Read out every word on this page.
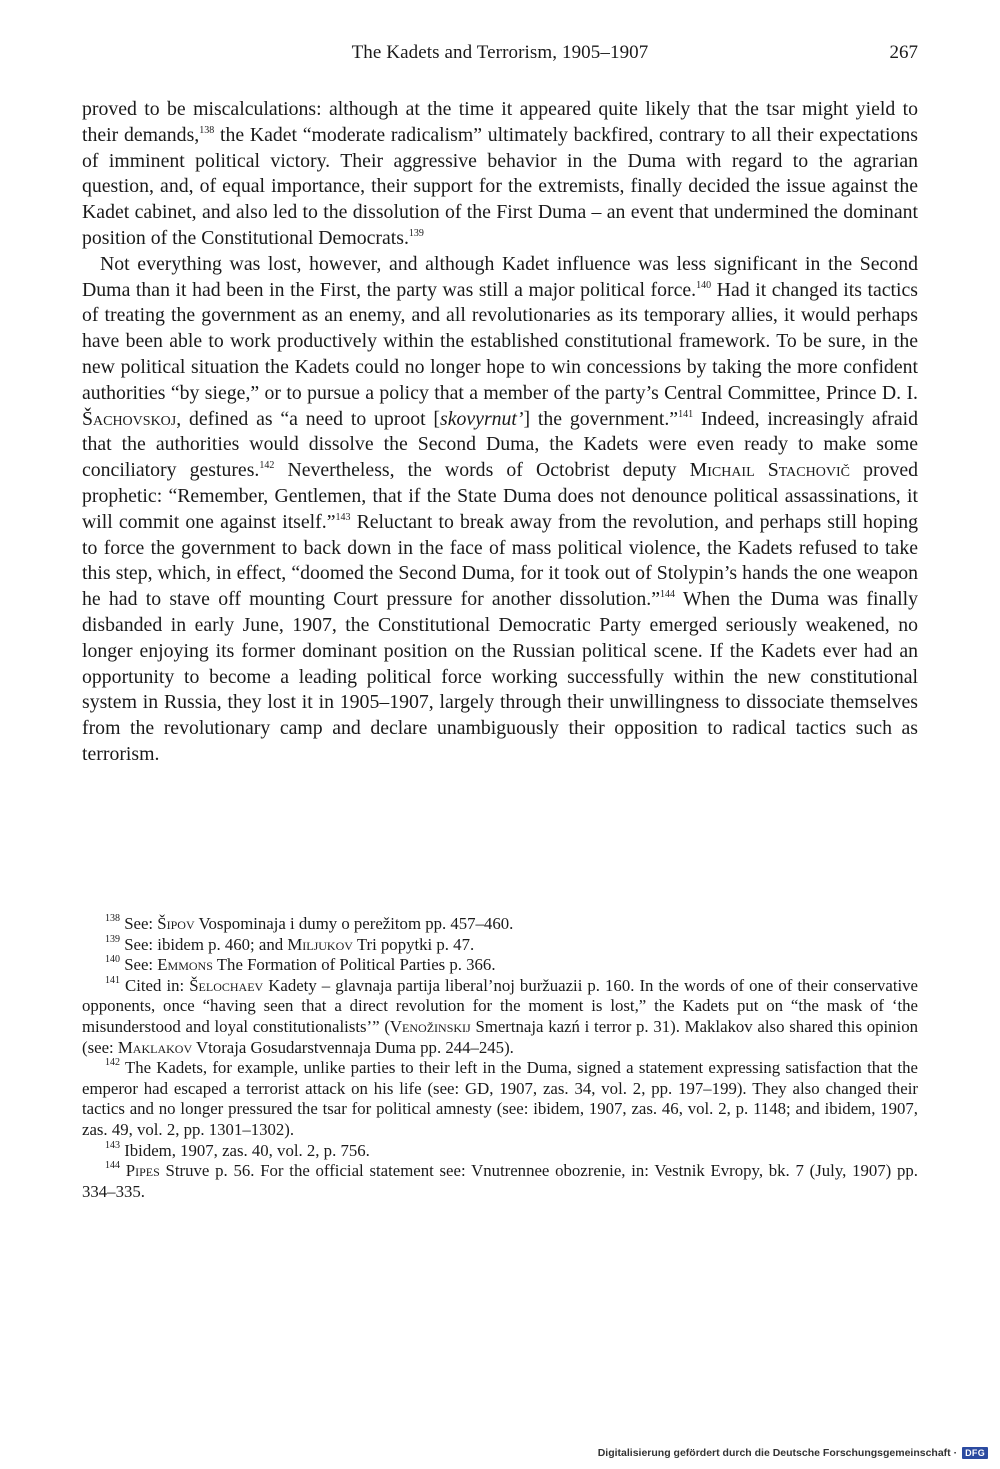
The Kadets and Terrorism, 1905–1907	267

proved to be miscalculations: although at the time it appeared quite likely that the tsar might yield to their demands,$^{138}$ the Kadet “moderate radicalism” ultimately backfired, contrary to all their expectations of imminent political victory. Their aggressive behavior in the Duma with regard to the agrarian question, and, of equal importance, their support for the extremists, finally decided the issue against the Kadet cabinet, and also led to the dissolution of the First Duma – an event that undermined the dominant position of the Constitutional Democrats.$^{139}$

Not everything was lost, however, and although Kadet influence was less significant in the Second Duma than it had been in the First, the party was still a major political force.$^{140}$ Had it changed its tactics of treating the government as an enemy, and all revolutionaries as its temporary allies, it would perhaps have been able to work productively within the established constitutional framework. To be sure, in the new political situation the Kadets could no longer hope to win concessions by taking the more confident authorities “by siege,” or to pursue a policy that a member of the party’s Central Committee, Prince D. I. Šachovskoj, defined as “a need to uproot [skovyrnut’] the government.”$^{141}$ Indeed, increasingly afraid that the authorities would dissolve the Second Duma, the Kadets were even ready to make some conciliatory gestures.$^{142}$ Nevertheless, the words of Octobrist deputy Michail Stachovič proved prophetic: “Remember, Gentlemen, that if the State Duma does not denounce political assassinations, it will commit one against itself.”$^{143}$ Reluctant to break away from the revolution, and perhaps still hoping to force the government to back down in the face of mass political violence, the Kadets refused to take this step, which, in effect, “doomed the Second Duma, for it took out of Stolypin’s hands the one weapon he had to stave off mounting Court pressure for another dissolution.”$^{144}$ When the Duma was finally disbanded in early June, 1907, the Constitutional Democratic Party emerged seriously weakened, no longer enjoying its former dominant position on the Russian political scene. If the Kadets ever had an opportunity to become a leading political force working successfully within the new constitutional system in Russia, they lost it in 1905–1907, largely through their unwillingness to dissociate themselves from the revolutionary camp and declare unambiguously their opposition to radical tactics such as terrorism.

$^{138}$ See: Šipov Vospominaja i dumy o perežitom pp. 457–460.

$^{139}$ See: ibidem p. 460; and Miljukov Tri popytki p. 47.

$^{140}$ See: Emmons The Formation of Political Parties p. 366.

$^{141}$ Cited in: Šelochaev Kadety – glavnaja partija liberal’noj buržuazii p. 160. In the words of one of their conservative opponents, once “having seen that a direct revolution for the moment is lost,” the Kadets put on “the mask of ‘the misunderstood and loyal constitutionalists’” (Venožinskij Smertnaja kazń i terror p. 31). Maklakov also shared this opinion (see: Maklakov Vtoraja Gosudarstvennaja Duma pp. 244–245).

$^{142}$ The Kadets, for example, unlike parties to their left in the Duma, signed a statement expressing satisfaction that the emperor had escaped a terrorist attack on his life (see: GD, 1907, zas. 34, vol. 2, pp. 197–199). They also changed their tactics and no longer pressured the tsar for political amnesty (see: ibidem, 1907, zas. 46, vol. 2, p. 1148; and ibidem, 1907, zas. 49, vol. 2, pp. 1301–1302).

$^{143}$ Ibidem, 1907, zas. 40, vol. 2, p. 756.

$^{144}$ Pipes Struve p. 56. For the official statement see: Vnutrennee obozrenie, in: Vestnik Evropy, bk. 7 (July, 1907) pp. 334–335.

Digitalisierung gefördert durch die Deutsche Forschungsgemeinschaft · DFG
